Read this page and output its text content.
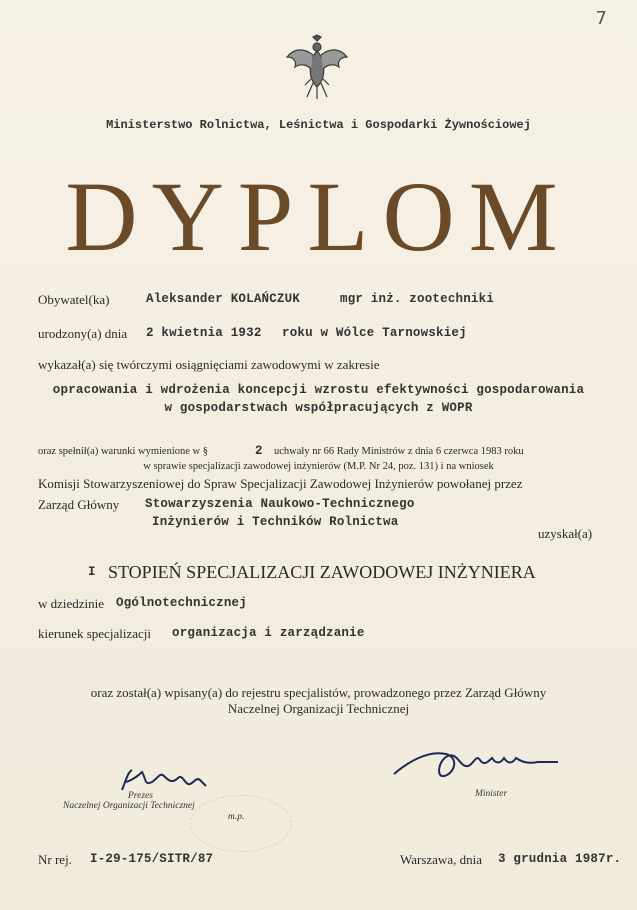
7
Ministerstwo Rolnictwa, Leśnictwa i Gospodarki Żywnościowej
DYPLOM
Obywatel(ka)	Aleksander KOLAŃCZUK	mgr inż. zootechniki
urodzony(a) dnia 2 kwietnia 1932 roku w Wólce Tarnowskiej
wykazał(a) się twórczymi osiągnięciami zawodowymi w zakresie
opracowania i wdrożenia koncepcji wzrostu efektywności gospodarowania
w gospodarstwach współpracujących z WOPR
oraz spełnił(a) warunki wymienione w §	2 uchwały nr 66 Rady Ministrów z dnia 6 czerwca 1983 roku
w sprawie specjalizacji zawodowej inżynierów (M.P. Nr 24, poz. 131) i na wniosek
Komisji Stowarzyszeniowej do Spraw Specjalizacji Zawodowej Inżynierów powołanej przez
Zarząd Główny Stowarzyszenia Naukowo-Technicznego
Inżynierów i Techników Rolnictwa
uzyskał(a)
I STOPIEŃ SPECJALIZACJI ZAWODOWEJ INŻYNIERA
w dziedzinie Ogólnotechnicznej
kierunek specjalizacji organizacja i zarządzanie
oraz został(a) wpisany(a) do rejestru specjalistów, prowadzonego przez Zarząd Główny
Naczelnej Organizacji Technicznej
Prezes
Naczelnej Organizacji Technicznej
m.p.
Minister
Nr rej. I-29-175/SITR/87	Warszawa, dnia 3 grudnia 1987r.
